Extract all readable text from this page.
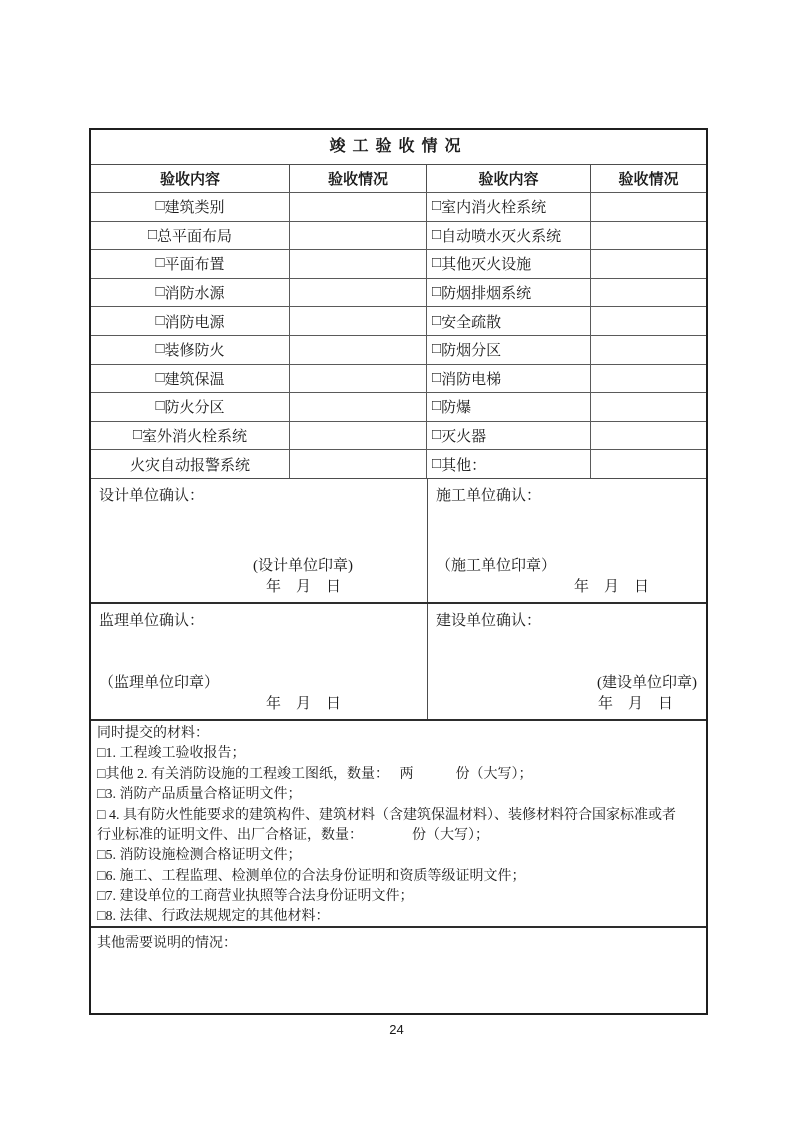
竣工验收情况
验收内容	验收情况	验收内容	验收情况
□ 建筑类别	□ 室内消火栓系统
□ 总平面布局	□ 自动喷水灭火系统
□ 平面布置	□ 其他灭火设施
□ 消防水源	□ 防烟排烟系统
□ 消防电源	□ 安全疏散
□ 装修防火	□ 防烟分区
□ 建筑保温	□ 消防电梯
□ 防火分区	□ 防爆
□ 室外消火栓系统	□ 灭火器
火灾自动报警系统	□ 其他：
设计单位确认：
(设计单位印章)
年　月　日
施工单位确认：
（施工单位印章）
年　月　日
监理单位确认：
（监理单位印章）
年　月　日
建设单位确认：
(建设单位印章)
年　月　日
同时提交的材料：
□1. 工程竣工验收报告；
□其他 2. 有关消防设施的工程竣工图纸，数量：　 两　　　份（大写）；
□3. 消防产品质量合格证明文件；
□ 4. 具有防火性能要求的建筑构件、建筑材料（含建筑保温材料）、装修材料符合国家标准或者
行业标准的证明文件、出厂合格证，数量：　　　　份（大写）；
□5. 消防设施检测合格证明文件；
□6. 施工、工程监理、检测单位的合法身份证明和资质等级证明文件；
□7. 建设单位的工商营业执照等合法身份证明文件；
□8. 法律、行政法规规定的其他材料：
其他需要说明的情况：
24
